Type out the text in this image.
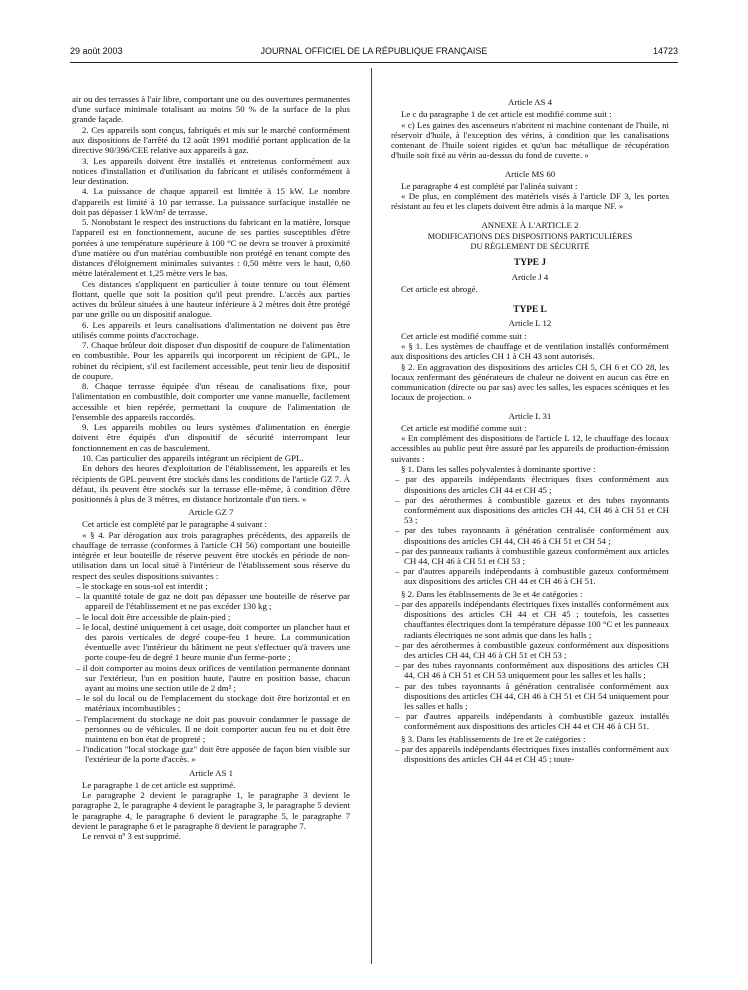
29 août 2003	JOURNAL OFFICIEL DE LA RÉPUBLIQUE FRANÇAISE	14723

air ou des terrasses à l'air libre, comportant une ou des ouvertures permanentes d'une surface minimale totalisant au moins 50 % de la surface de la plus grande façade.

2. Ces appareils sont conçus, fabriqués et mis sur le marché conformément aux dispositions de l'arrêté du 12 août 1991 modifié portant application de la directive 90/396/CEE relative aux appareils à gaz.

3. Les appareils doivent être installés et entretenus conformément aux notices d'installation et d'utilisation du fabricant et utilisés conformément à leur destination.

4. La puissance de chaque appareil est limitée à 15 kW. Le nombre d'appareils est limité à 10 par terrasse. La puissance surfacique installée ne doit pas dépasser 1 kW/m² de terrasse.

5. Nonobstant le respect des instructions du fabricant en la matière, lorsque l'appareil est en fonctionnement, aucune de ses parties susceptibles d'être portées à une température supérieure à 100 °C ne devra se trouver à proximité d'une matière ou d'un matériau combustible non protégé en tenant compte des distances d'éloignement minimales suivantes : 0,50 mètre vers le haut, 0,60 mètre latéralement et 1,25 mètre vers le bas.

Ces distances s'appliquent en particulier à toute tenture ou tout élément flottant, quelle que soit la position qu'il peut prendre. L'accès aux parties actives du brûleur situées à une hauteur inférieure à 2 mètres doit être protégé par une grille ou un dispositif analogue.

6. Les appareils et leurs canalisations d'alimentation ne doivent pas être utilisés comme points d'accrochage.

7. Chaque brûleur doit disposer d'un dispositif de coupure de l'alimentation en combustible. Pour les appareils qui incorporent un récipient de GPL, le robinet du récipient, s'il est facilement accessible, peut tenir lieu de dispositif de coupure.

8. Chaque terrasse équipée d'un réseau de canalisations fixe, pour l'alimentation en combustible, doit comporter une vanne manuelle, facilement accessible et bien repérée, permettant la coupure de l'alimentation de l'ensemble des appareils raccordés.

9. Les appareils mobiles ou leurs systèmes d'alimentation en énergie doivent être équipés d'un dispositif de sécurité interrompant leur fonctionnement en cas de basculement.

10. Cas particulier des appareils intégrant un récipient de GPL.

En dehors des heures d'exploitation de l'établissement, les appareils et les récipients de GPL peuvent être stockés dans les conditions de l'article GZ 7. À défaut, ils peuvent être stockés sur la terrasse elle-même, à condition d'être positionnés à plus de 3 mètres, en distance horizontale d'un tiers. »

Article GZ 7

Cet article est complété par le paragraphe 4 suivant :

« § 4. Par dérogation aux trois paragraphes précédents, des appareils de chauffage de terrasse (conformes à l'article CH 56) comportant une bouteille intégrée et leur bouteille de réserve peuvent être stockés en période de non-utilisation dans un local situé à l'intérieur de l'établissement sous réserve du respect des seules dispositions suivantes :

– le stockage en sous-sol est interdit ;
– la quantité totale de gaz ne doit pas dépasser une bouteille de réserve par appareil de l'établissement et ne pas excéder 130 kg ;
– le local doit être accessible de plain-pied ;
– le local, destiné uniquement à cet usage, doit comporter un plancher haut et des parois verticales de degré coupe-feu 1 heure. La communication éventuelle avec l'intérieur du bâtiment ne peut s'effectuer qu'à travers une porte coupe-feu de degré 1 heure munie d'un ferme-porte ;
– il doit comporter au moins deux orifices de ventilation permanente donnant sur l'extérieur, l'un en position haute, l'autre en position basse, chacun ayant au moins une section utile de 2 dm² ;
– le sol du local ou de l'emplacement du stockage doit être horizontal et en matériaux incombustibles ;
– l'emplacement du stockage ne doit pas pouvoir condamner le passage de personnes ou de véhicules. Il ne doit comporter aucun feu nu et doit être maintenu en bon état de propreté ;
– l'indication "local stockage gaz" doit être apposée de façon bien visible sur l'extérieur de la porte d'accès. »
Article AS 1

Le paragraphe 1 de cet article est supprimé.

Le paragraphe 2 devient le paragraphe 1, le paragraphe 3 devient le paragraphe 2, le paragraphe 4 devient le paragraphe 3, le paragraphe 5 devient le paragraphe 4, le paragraphe 6 devient le paragraphe 5, le paragraphe 7 devient le paragraphe 6 et le paragraphe 8 devient le paragraphe 7.

Le renvoi nº 3 est supprimé.

Article AS 4

Le c du paragraphe 1 de cet article est modifié comme suit :

« c) Les gaines des ascenseurs n'abritent ni machine contenant de l'huile, ni réservoir d'huile, à l'exception des vérins, à condition que les canalisations contenant de l'huile soient rigides et qu'un bac métallique de récupération d'huile soit fixé au vérin au-dessus du fond de cuvette. »

Article MS 60

Le paragraphe 4 est complété par l'alinéa suivant :

« De plus, en complément des matériels visés à l'article DF 3, les portes résistant au feu et les clapets doivent être admis à la marque NF. »

ANNEXE À L'ARTICLE 2
MODIFICATIONS DES DISPOSITIONS PARTICULIÈRES
DU RÈGLEMENT DE SÉCURITÉ
TYPE J
Article J 4

Cet article est abrogé.

TYPE L
Article L 12

Cet article est modifié comme suit :

« § 1. Les systèmes de chauffage et de ventilation installés conformément aux dispositions des articles CH 1 à CH 43 sont autorisés.

§ 2. En aggravation des dispositions des articles CH 5, CH 6 et CO 28, les locaux renfermant des générateurs de chaleur ne doivent en aucun cas être en communication (directe ou par sas) avec les salles, les espaces scéniques et les locaux de projection. »

Article L 31

Cet article est modifié comme suit :

« En complément des dispositions de l'article L 12, le chauffage des locaux accessibles au public peut être assuré par les appareils de production-émission suivants :

§ 1. Dans les salles polyvalentes à dominante sportive :

– par des appareils indépendants électriques fixes conformément aux dispositions des articles CH 44 et CH 45 ;
– par des aérothermes à combustible gazeux et des tubes rayonnants conformément aux dispositions des articles CH 44, CH 46 à CH 51 et CH 53 ;
– par des tubes rayonnants à génération centralisée conformément aux dispositions des articles CH 44, CH 46 à CH 51 et CH 54 ;
– par des panneaux radiants à combustible gazeux conformément aux articles CH 44, CH 46 à CH 51 et CH 53 ;
– par d'autres appareils indépendants à combustible gazeux conformément aux dispositions des articles CH 44 et CH 46 à CH 51.

§ 2. Dans les établissements de 3e et 4e catégories :

– par des appareils indépendants électriques fixes installés conformément aux dispositions des articles CH 44 et CH 45 ; toutefois, les cassettes chauffantes électriques dont la température dépasse 100 °C et les panneaux radiants électriques ne sont admis que dans les halls ;
– par des aérothermes à combustible gazeux conformément aux dispositions des articles CH 44, CH 46 à CH 51 et CH 53 ;
– par des tubes rayonnants conformément aux dispositions des articles CH 44, CH 46 à CH 51 et CH 53 uniquement pour les salles et les halls ;
– par des tubes rayonnants à génération centralisée conformément aux dispositions des articles CH 44, CH 46 à CH 51 et CH 54 uniquement pour les salles et halls ;
– par d'autres appareils indépendants à combustible gazeux installés conformément aux dispositions des articles CH 44 et CH 46 à CH 51.

§ 3. Dans les établissements de 1re et 2e catégories :

– par des appareils indépendants électriques fixes installés conformément aux dispositions des articles CH 44 et CH 45 ; toute-
